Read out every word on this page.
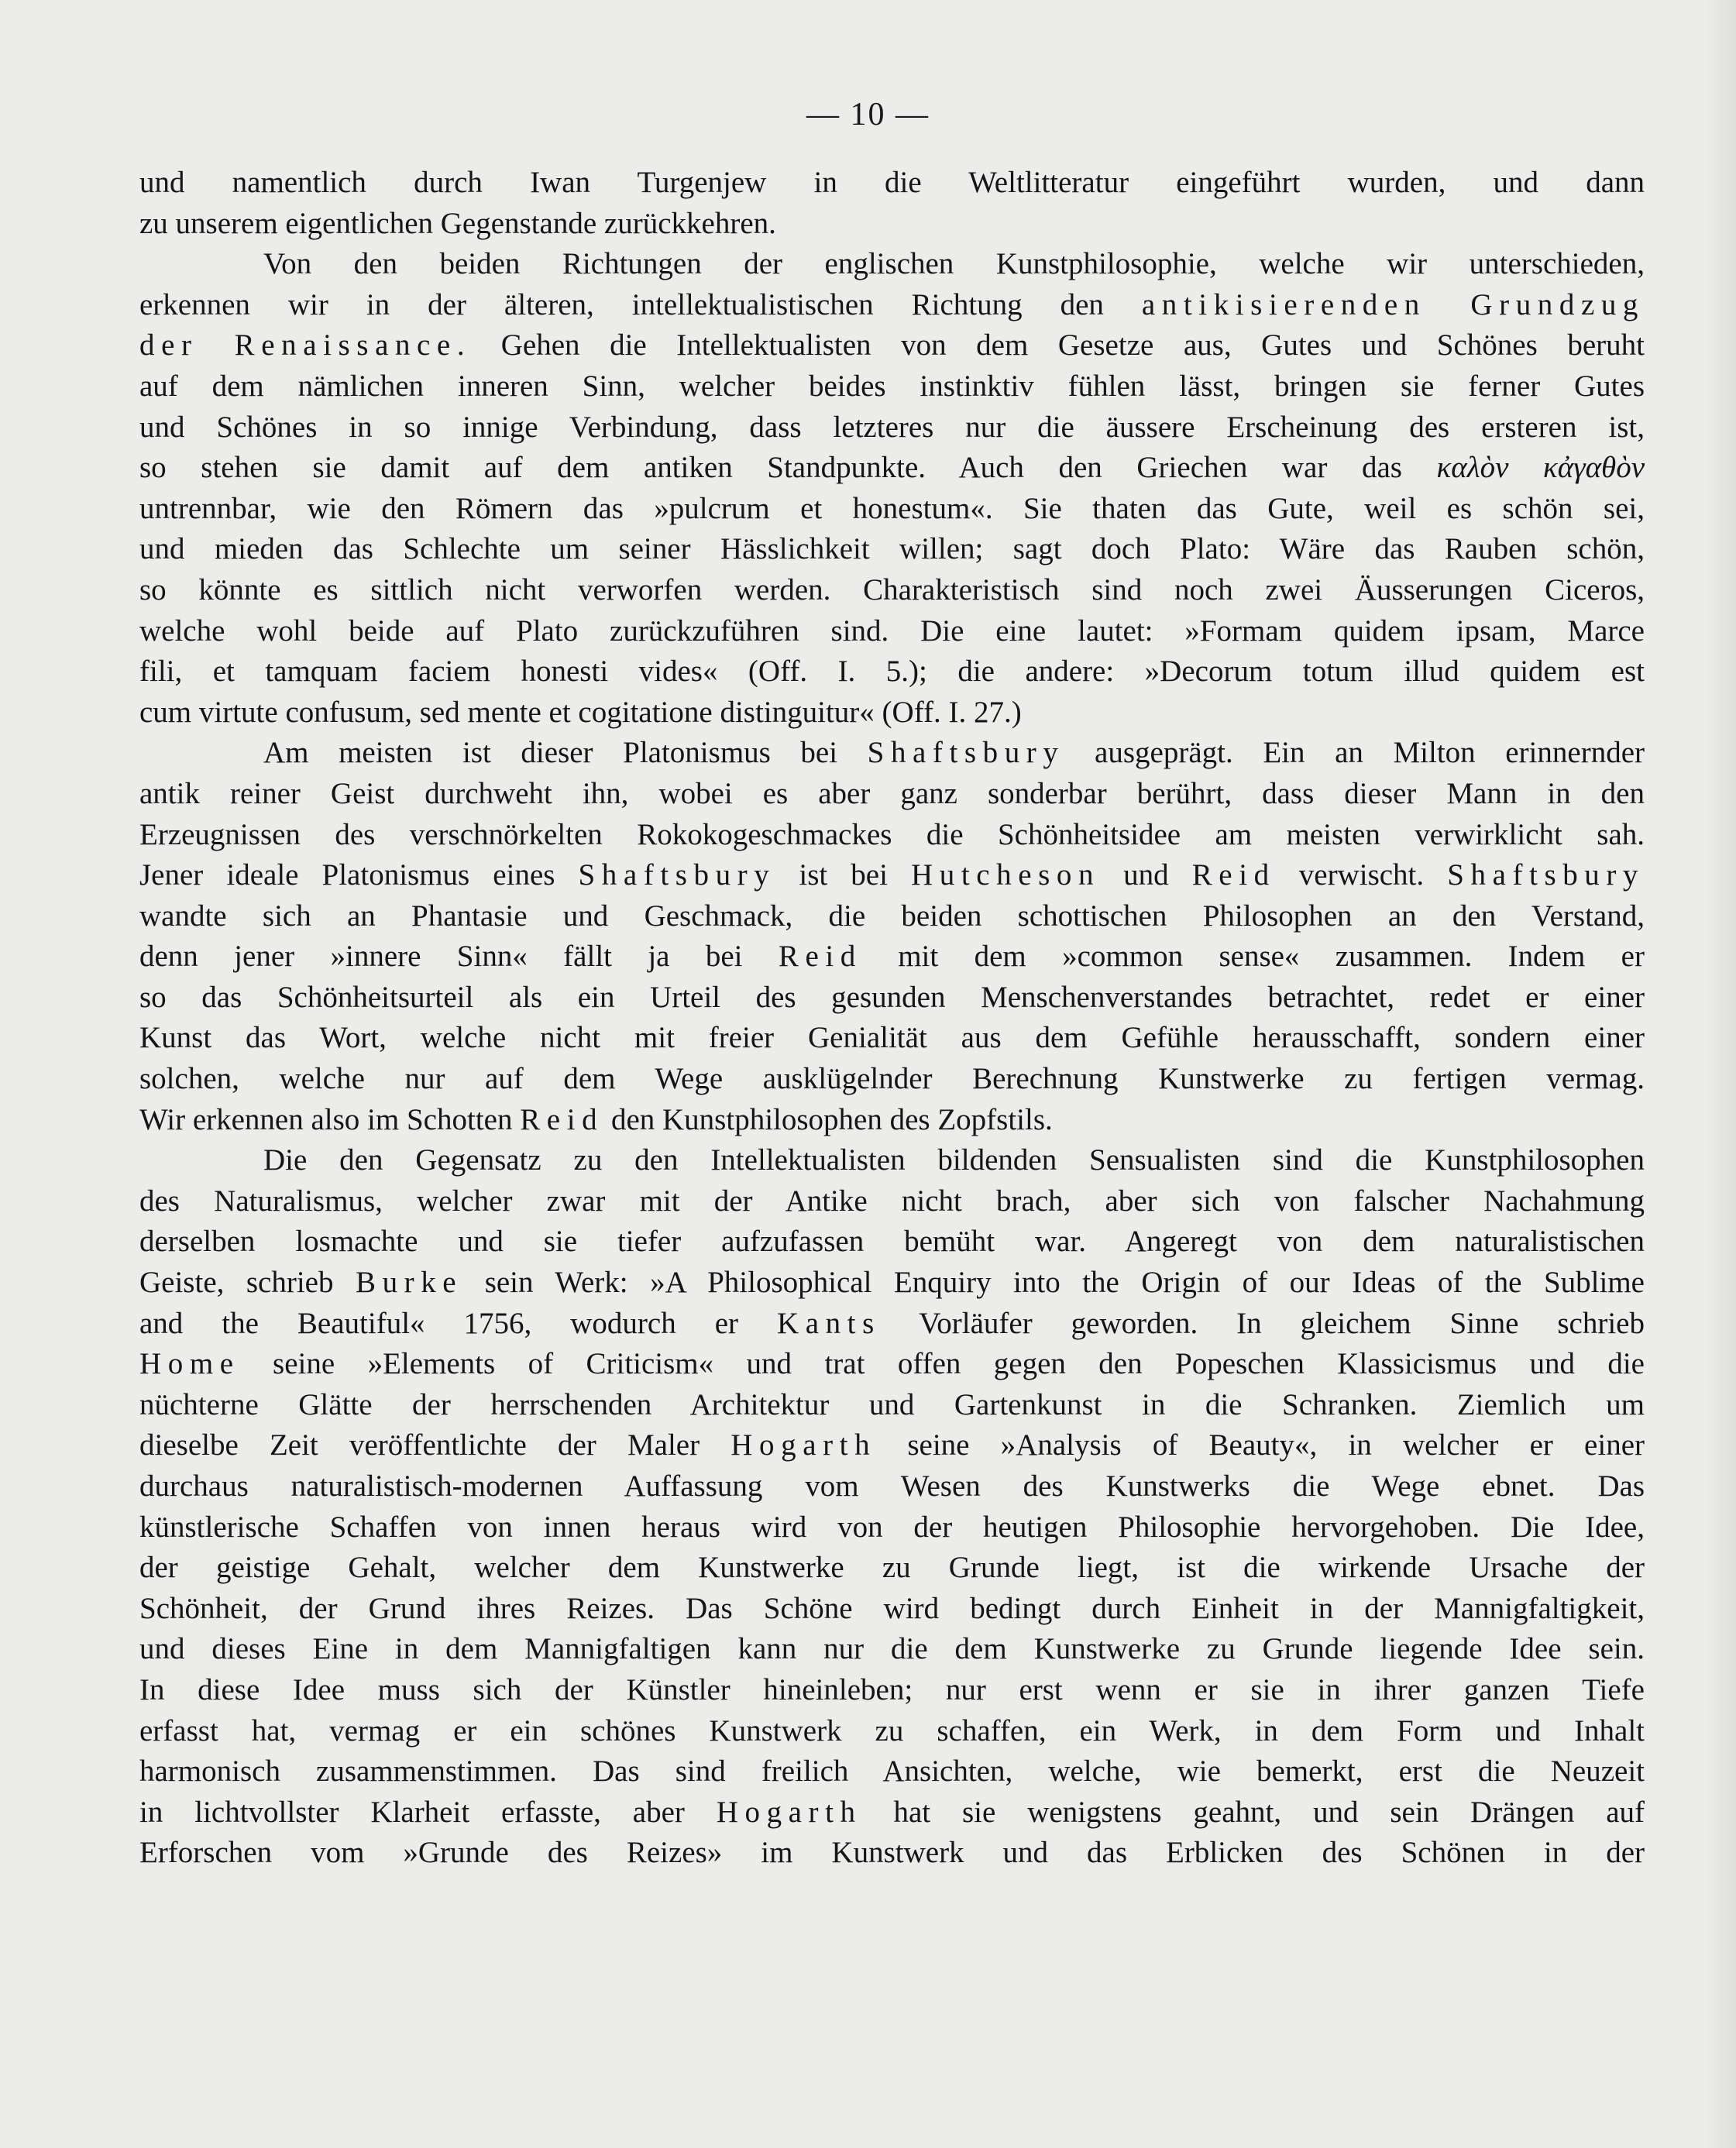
— 10 —

und namentlich durch Iwan Turgenjew in die Weltlitteratur eingeführt wurden, und dann

zu unserem eigentlichen Gegenstande zurückkehren.

Von den beiden Richtungen der englischen Kunstphilosophie, welche wir unterschieden,

erkennen wir in der älteren, intellektualistischen Richtung den antikisierenden Grundzug

der Renaissance. Gehen die Intellektualisten von dem Gesetze aus, Gutes und Schönes beruht

auf dem nämlichen inneren Sinn, welcher beides instinktiv fühlen lässt, bringen sie ferner Gutes

und Schönes in so innige Verbindung, dass letzteres nur die äussere Erscheinung des ersteren ist,

so stehen sie damit auf dem antiken Standpunkte. Auch den Griechen war das καλὸν κἀγαθὸν

untrennbar, wie den Römern das »pulcrum et honestum«. Sie thaten das Gute, weil es schön sei,

und mieden das Schlechte um seiner Hässlichkeit willen; sagt doch Plato: Wäre das Rauben schön,

so könnte es sittlich nicht verworfen werden. Charakteristisch sind noch zwei Äusserungen Ciceros,

welche wohl beide auf Plato zurückzuführen sind. Die eine lautet: »Formam quidem ipsam, Marce

fili, et tamquam faciem honesti vides« (Off. I. 5.); die andere: »Decorum totum illud quidem est

cum virtute confusum, sed mente et cogitatione distinguitur« (Off. I. 27.)

Am meisten ist dieser Platonismus bei Shaftsbury ausgeprägt. Ein an Milton erinnernder

antik reiner Geist durchweht ihn, wobei es aber ganz sonderbar berührt, dass dieser Mann in den

Erzeugnissen des verschnörkelten Rokokogeschmackes die Schönheitsidee am meisten verwirklicht sah.

Jener ideale Platonismus eines Shaftsbury ist bei Hutcheson und Reid verwischt. Shaftsbury

wandte sich an Phantasie und Geschmack, die beiden schottischen Philosophen an den Verstand,

denn jener »innere Sinn« fällt ja bei Reid mit dem »common sense« zusammen. Indem er

so das Schönheitsurteil als ein Urteil des gesunden Menschenverstandes betrachtet, redet er einer

Kunst das Wort, welche nicht mit freier Genialität aus dem Gefühle herausschafft, sondern einer

solchen, welche nur auf dem Wege ausklügelnder Berechnung Kunstwerke zu fertigen vermag.

Wir erkennen also im Schotten Reid den Kunstphilosophen des Zopfstils.

Die den Gegensatz zu den Intellektualisten bildenden Sensualisten sind die Kunstphilosophen

des Naturalismus, welcher zwar mit der Antike nicht brach, aber sich von falscher Nachahmung

derselben losmachte und sie tiefer aufzufassen bemüht war. Angeregt von dem naturalistischen

Geiste, schrieb Burke sein Werk: »A Philosophical Enquiry into the Origin of our Ideas of the Sublime

and the Beautiful« 1756, wodurch er Kants Vorläufer geworden. In gleichem Sinne schrieb

Home seine »Elements of Criticism« und trat offen gegen den Popeschen Klassicismus und die

nüchterne Glätte der herrschenden Architektur und Gartenkunst in die Schranken. Ziemlich um

dieselbe Zeit veröffentlichte der Maler Hogarth seine »Analysis of Beauty«, in welcher er einer

durchaus naturalistisch-modernen Auffassung vom Wesen des Kunstwerks die Wege ebnet. Das

künstlerische Schaffen von innen heraus wird von der heutigen Philosophie hervorgehoben. Die Idee,

der geistige Gehalt, welcher dem Kunstwerke zu Grunde liegt, ist die wirkende Ursache der

Schönheit, der Grund ihres Reizes. Das Schöne wird bedingt durch Einheit in der Mannigfaltigkeit,

und dieses Eine in dem Mannigfaltigen kann nur die dem Kunstwerke zu Grunde liegende Idee sein.

In diese Idee muss sich der Künstler hineinleben; nur erst wenn er sie in ihrer ganzen Tiefe

erfasst hat, vermag er ein schönes Kunstwerk zu schaffen, ein Werk, in dem Form und Inhalt

harmonisch zusammenstimmen. Das sind freilich Ansichten, welche, wie bemerkt, erst die Neuzeit

in lichtvollster Klarheit erfasste, aber Hogarth hat sie wenigstens geahnt, und sein Drängen auf

Erforschen vom »Grunde des Reizes» im Kunstwerk und das Erblicken des Schönen in der
